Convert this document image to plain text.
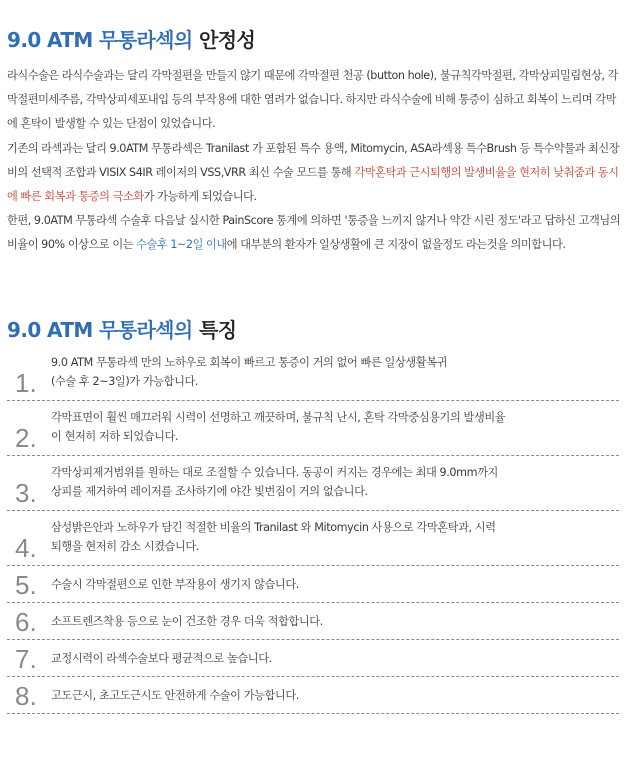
9.0 ATM 무통라섹의 안정성

라식수술은 라식수술과는 달리 각막절편을 만들지 않기 때문에 각막절편 천공 (button hole), 불규칙각막절편, 각막상피밀림현상, 각막절편미세주름, 각막상피세포내입 등의 부작용에 대한 염려가 없습니다. 하지만 라식수술에 비해 통증이 심하고 회복이 느리며 각막에 혼탁이 발생할 수 있는 단점이 있었습니다.

기존의 라섹과는 달리 9.0ATM 무통라섹은 Tranilast 가 포함된 특수 용액, Mitomycin, ASA라섹용 특수Brush 등 특수약물과 최신장비의 선택적 조합과 VISIX S4IR 레이저의 VSS,VRR 최신 수술 모드를 통해 각막혼탁과 근시퇴행의 발생비율을 현저히 낮춰줌과 동시에 빠른 회복과 통증의 극소화가 가능하게 되었습니다.

한편, 9.0ATM 무통라섹 수술후 다음날 실시한 PainScore 통계에 의하면 '통증을 느끼지 않거나 약간 시린 정도'라고 답하신 고객님의 비율이 90% 이상으로 이는 수술후 1~2일 이내에 대부분의 환자가 일상생활에 큰 지장이 없을정도 라는것을 의미합니다.

9.0 ATM 무통라섹의 특징
1.
9.0 ATM 무통라섹 만의 노하우로 회복이 빠르고 통증이 거의 없어 빠른 일상생활복귀
(수술 후 2~3일)가 가능합니다.
2.
각막표면이 훨씬 매끄러워 시력이 선명하고 깨끗하며, 불규칙 난시, 혼탁 각막중심용기의 발생비율
이 현저히 저하 되었습니다.
3.
각막상피제거범위를 원하는 대로 조절할 수 있습니다. 동공이 커지는 경우에는 최대 9.0mm까지
상피를 제거하여 레이저를 조사하기에 야간 빛번짐이 거의 없습니다.
4.
삼성밝은안과 노하우가 담긴 적절한 비율의 Tranilast 와 Mitomycin 사용으로 각막혼탁과, 시력
퇴행을 현저히 감소 시켰습니다.
5. 수술시 각막절편으로 인한 부작용이 생기지 않습니다.
6. 소프트렌즈착용 등으로 눈이 건조한 경우 더욱 적합합니다.
7. 교정시력이 라섹수술보다 평균적으로 높습니다.
8. 고도근시, 초고도근시도 안전하게 수술이 가능합니다.
